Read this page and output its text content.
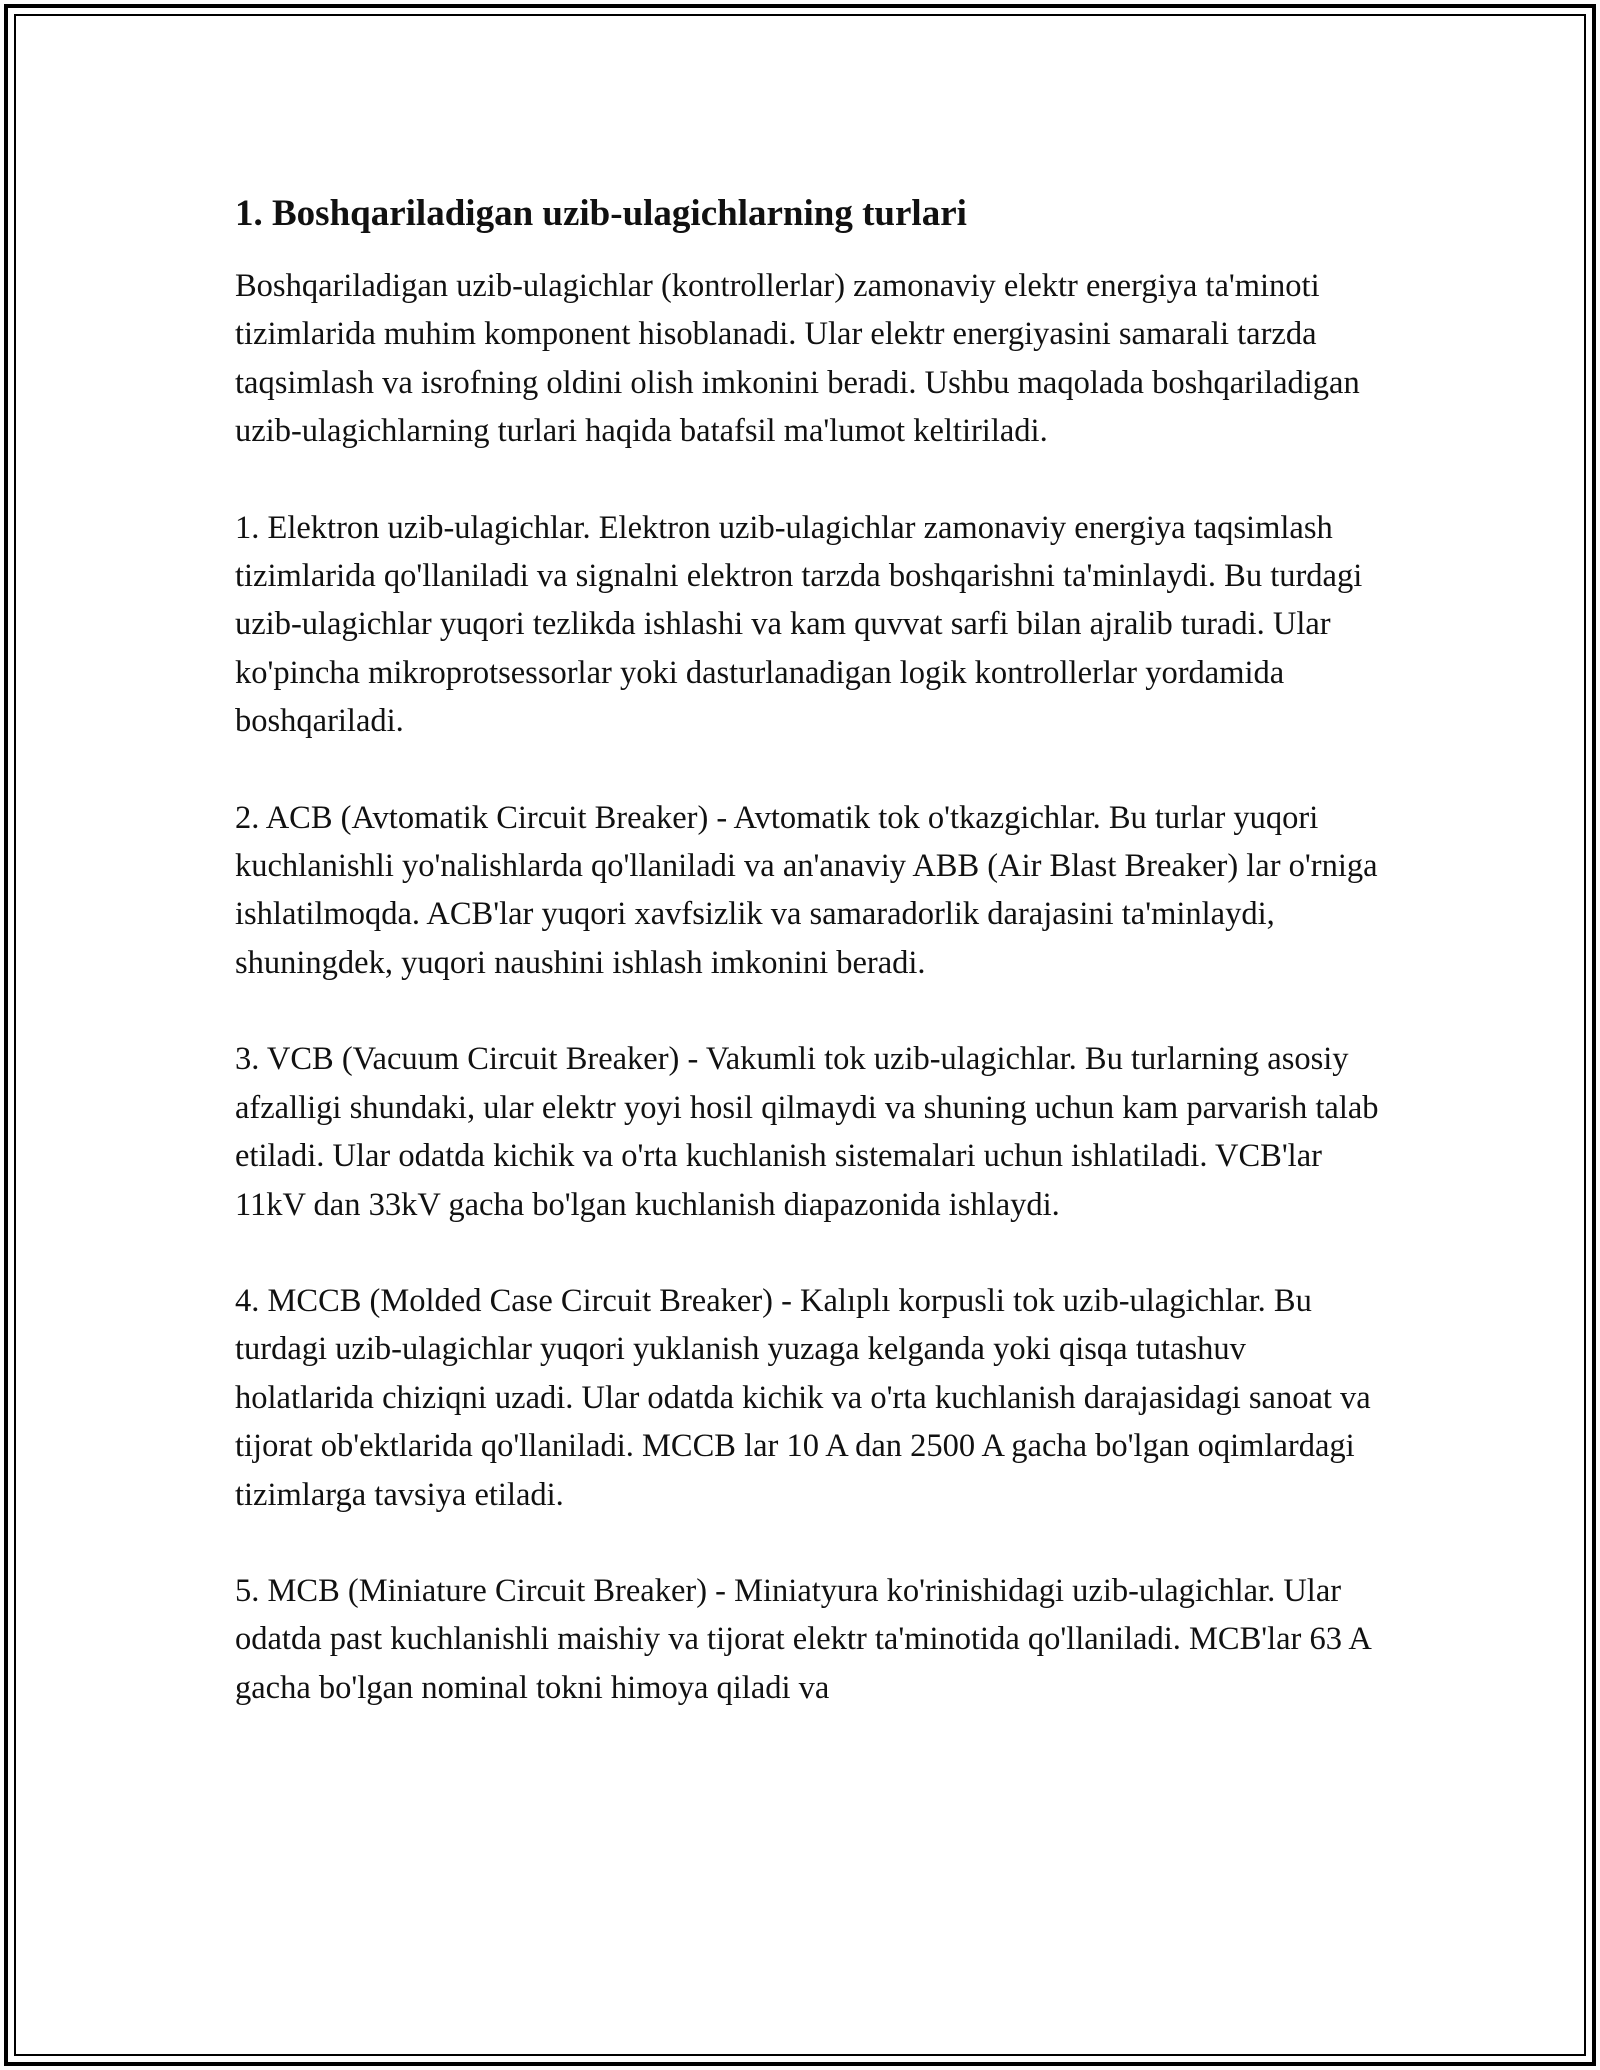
1. Boshqariladigan uzib-ulagichlarning turlari

Boshqariladigan uzib-ulagichlar (kontrollerlar) zamonaviy elektr energiya ta'minoti tizimlarida muhim komponent hisoblanadi. Ular elektr energiyasini samarali tarzda taqsimlash va isrofning oldini olish imkonini beradi. Ushbu maqolada boshqariladigan uzib-ulagichlarning turlari haqida batafsil ma'lumot keltiriladi.

1. Elektron uzib-ulagichlar. Elektron uzib-ulagichlar zamonaviy energiya taqsimlash tizimlarida qo'llaniladi va signalni elektron tarzda boshqarishni ta'minlaydi. Bu turdagi uzib-ulagichlar yuqori tezlikda ishlashi va kam quvvat sarfi bilan ajralib turadi. Ular ko'pincha mikroprotsessorlar yoki dasturlanadigan logik kontrollerlar yordamida boshqariladi.

2. ACB (Avtomatik Circuit Breaker) - Avtomatik tok o'tkazgichlar. Bu turlar yuqori kuchlanishli yo'nalishlarda qo'llaniladi va an'anaviy ABB (Air Blast Breaker) lar o'rniga ishlatilmoqda. ACB'lar yuqori xavfsizlik va samaradorlik darajasini ta'minlaydi, shuningdek, yuqori naushini ishlash imkonini beradi.

3. VCB (Vacuum Circuit Breaker) - Vakumli tok uzib-ulagichlar. Bu turlarning asosiy afzalligi shundaki, ular elektr yoyi hosil qilmaydi va shuning uchun kam parvarish talab etiladi. Ular odatda kichik va o'rta kuchlanish sistemalari uchun ishlatiladi. VCB'lar 11kV dan 33kV gacha bo'lgan kuchlanish diapazonida ishlaydi.

4. MCCB (Molded Case Circuit Breaker) - Kalıplı korpusli tok uzib-ulagichlar. Bu turdagi uzib-ulagichlar yuqori yuklanish yuzaga kelganda yoki qisqa tutashuv holatlarida chiziqni uzadi. Ular odatda kichik va o'rta kuchlanish darajasidagi sanoat va tijorat ob'ektlarida qo'llaniladi. MCCB lar 10 A dan 2500 A gacha bo'lgan oqimlardagi tizimlarga tavsiya etiladi.

5. MCB (Miniature Circuit Breaker) - Miniatyura ko'rinishidagi uzib-ulagichlar. Ular odatda past kuchlanishli maishiy va tijorat elektr ta'minotida qo'llaniladi. MCB'lar 63 A gacha bo'lgan nominal tokni himoya qiladi va
